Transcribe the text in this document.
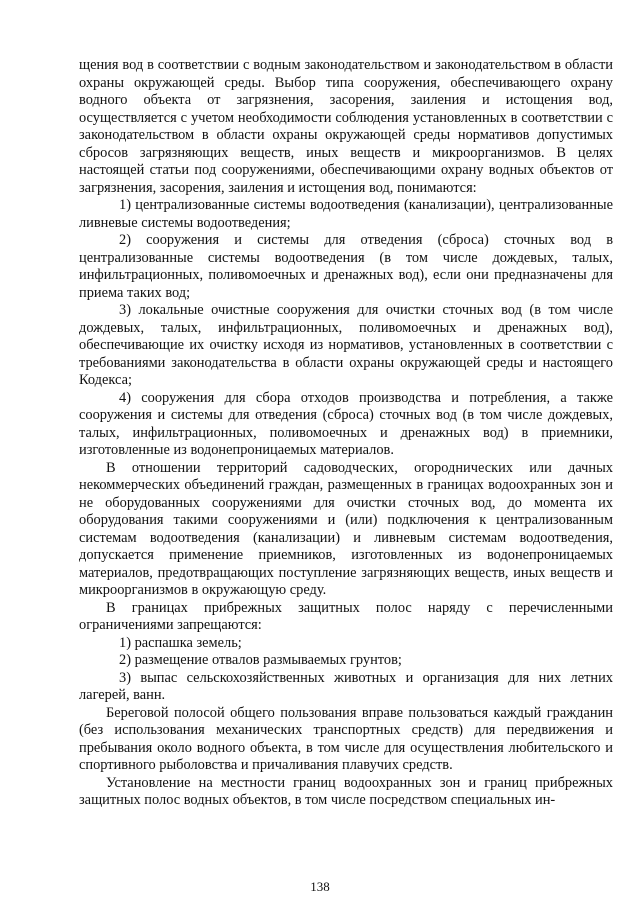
щения вод в соответствии с водным законодательством и законодательством в области охраны окружающей среды. Выбор типа сооружения, обеспечивающего охрану водного объекта от загрязнения, засорения, заиления и истощения вод, осуществляется с учетом необходимости соблюдения установленных в соответствии с законодательством в области охраны окружающей среды нормативов допустимых сбросов загрязняющих веществ, иных веществ и микроорганизмов. В целях настоящей статьи под сооружениями, обеспечивающими охрану водных объектов от загрязнения, засорения, заиления и истощения вод, понимаются:

1) централизованные системы водоотведения (канализации), централизованные ливневые системы водоотведения;

2) сооружения и системы для отведения (сброса) сточных вод в централизованные системы водоотведения (в том числе дождевых, талых, инфильтрационных, поливомоечных и дренажных вод), если они предназначены для приема таких вод;

3) локальные очистные сооружения для очистки сточных вод (в том числе дождевых, талых, инфильтрационных, поливомоечных и дренажных вод), обеспечивающие их очистку исходя из нормативов, установленных в соответствии с требованиями законодательства в области охраны окружающей среды и настоящего Кодекса;

4) сооружения для сбора отходов производства и потребления, а также сооружения и системы для отведения (сброса) сточных вод (в том числе дождевых, талых, инфильтрационных, поливомоечных и дренажных вод) в приемники, изготовленные из водонепроницаемых материалов.

В отношении территорий садоводческих, огороднических или дачных некоммерческих объединений граждан, размещенных в границах водоохранных зон и не оборудованных сооружениями для очистки сточных вод, до момента их оборудования такими сооружениями и (или) подключения к централизованным системам водоотведения (канализации) и ливневым системам водоотведения, допускается применение приемников, изготовленных из водонепроницаемых материалов, предотвращающих поступление загрязняющих веществ, иных веществ и микроорганизмов в окружающую среду.

В границах прибрежных защитных полос наряду с перечисленными ограничениями запрещаются:

1) распашка земель;

2) размещение отвалов размываемых грунтов;

3) выпас сельскохозяйственных животных и организация для них летних лагерей, ванн.

Береговой полосой общего пользования вправе пользоваться каждый гражданин (без использования механических транспортных средств) для передвижения и пребывания около водного объекта, в том числе для осуществления любительского и спортивного рыболовства и причаливания плавучих средств.

Установление на местности границ водоохранных зон и границ прибрежных защитных полос водных объектов, в том числе посредством специальных ин-

138
